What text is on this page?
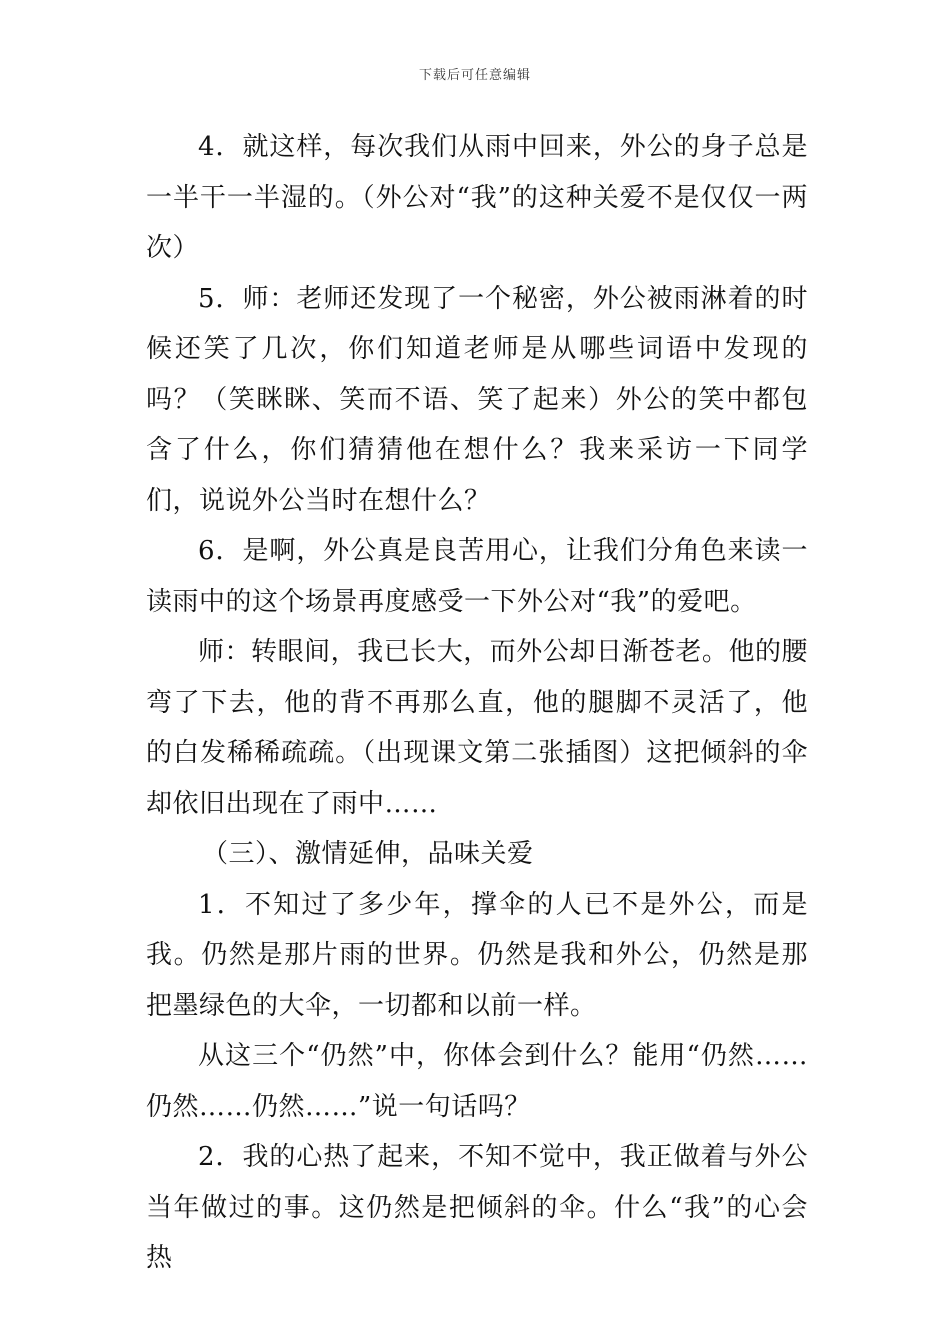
下载后可任意编辑

4．就这样，每次我们从雨中回来，外公的身子总是一半干一半湿的。（外公对“我”的这种关爱不是仅仅一两次）

5．师：老师还发现了一个秘密，外公被雨淋着的时候还笑了几次，你们知道老师是从哪些词语中发现的吗？（笑眯眯、笑而不语、笑了起来）外公的笑中都包含了什么，你们猜猜他在想什么？我来采访一下同学们，说说外公当时在想什么？

6．是啊，外公真是良苦用心，让我们分角色来读一读雨中的这个场景再度感受一下外公对“我”的爱吧。

师：转眼间，我已长大，而外公却日渐苍老。他的腰弯了下去，他的背不再那么直，他的腿脚不灵活了，他的白发稀稀疏疏。（出现课文第二张插图）这把倾斜的伞却依旧出现在了雨中……

（三）、激情延伸，品味关爱

1．不知过了多少年，撑伞的人已不是外公，而是我。仍然是那片雨的世界。仍然是我和外公，仍然是那把墨绿色的大伞，一切都和以前一样。

从这三个“仍然”中，你体会到什么？能用“仍然……仍然……仍然……”说一句话吗？

2．我的心热了起来，不知不觉中，我正做着与外公当年做过的事。这仍然是把倾斜的伞。什么“我”的心会热
